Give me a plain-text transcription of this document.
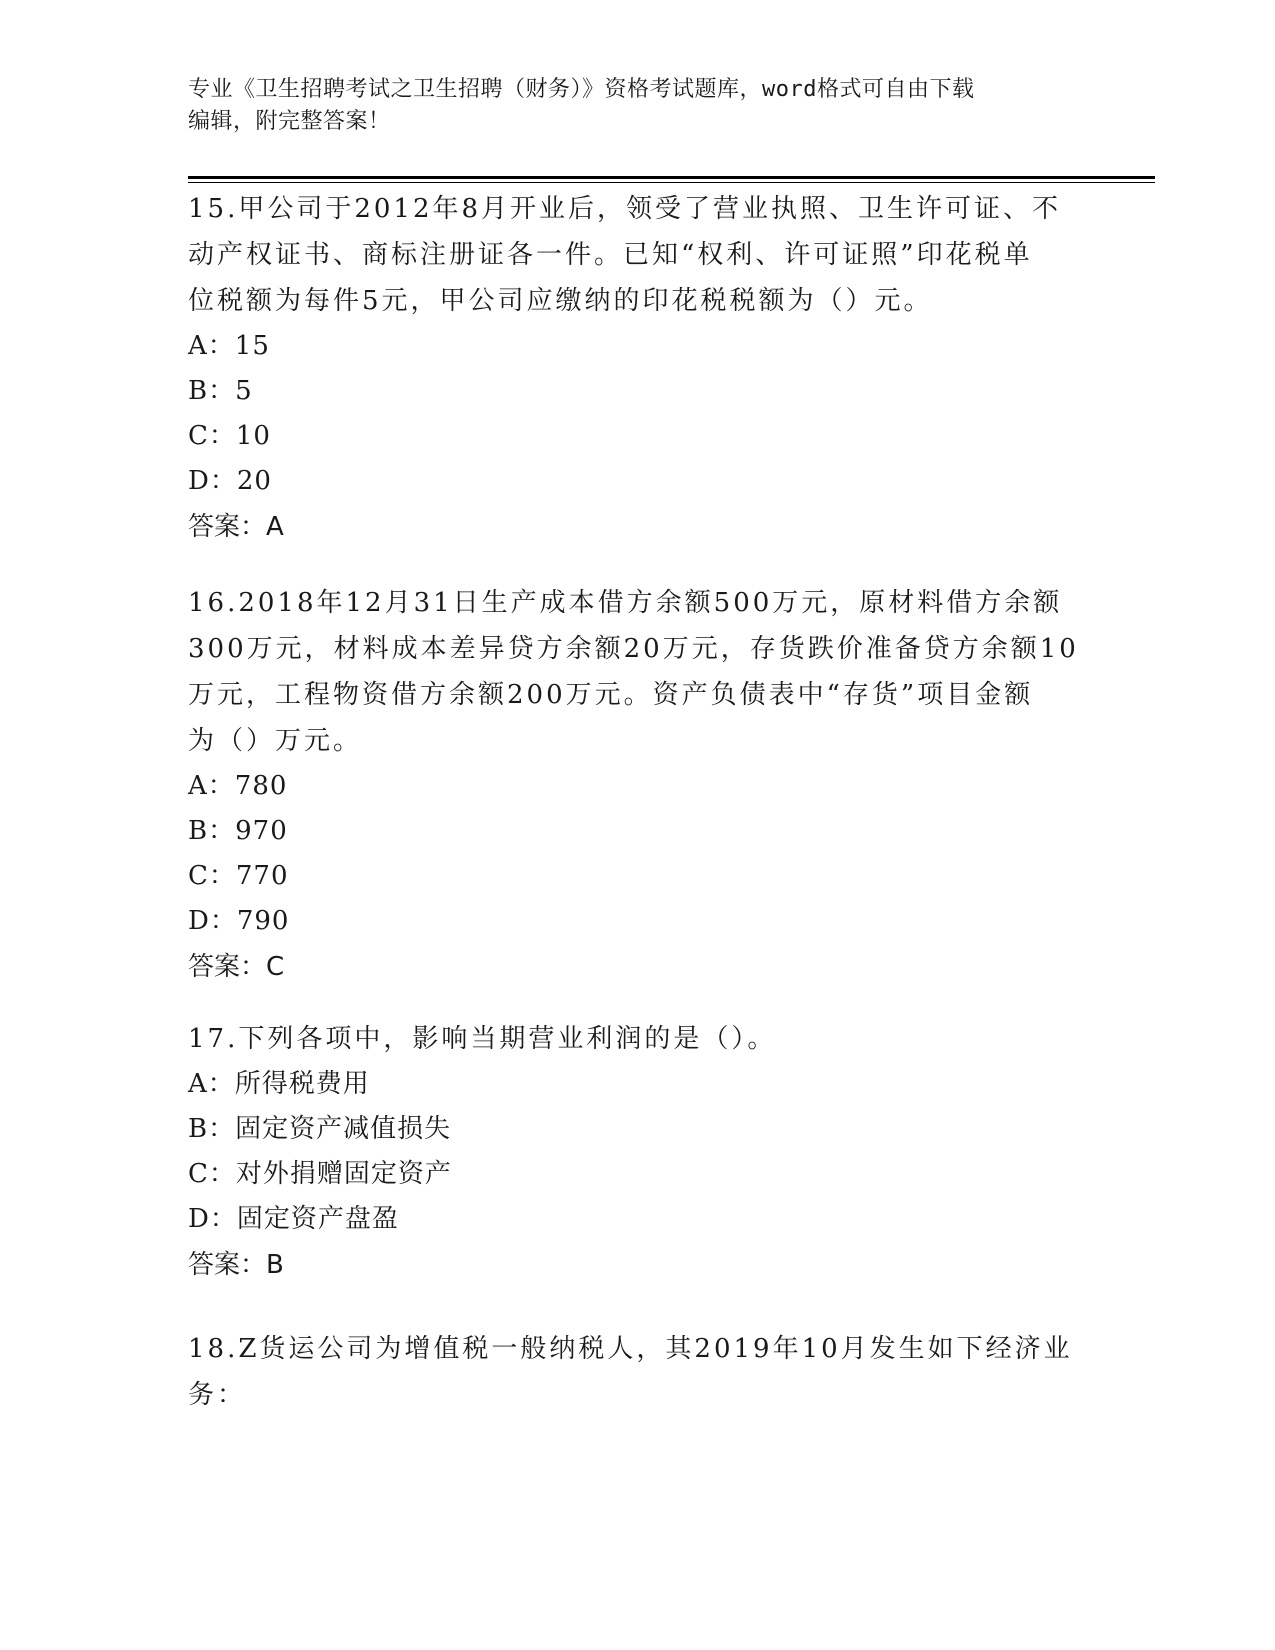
专业《卫生招聘考试之卫生招聘（财务）》资格考试题库，word格式可自由下载
编辑，附完整答案！

15.甲公司于2012年8月开业后，领受了营业执照、卫生许可证、不

动产权证书、商标注册证各一件。已知“权利、许可证照”印花税单

位税额为每件5元，甲公司应缴纳的印花税税额为（）元。

A：15

B：5

C：10

D：20

答案：A

16.2018年12月31日生产成本借方余额500万元，原材料借方余额

300万元，材料成本差异贷方余额20万元，存货跌价准备贷方余额10

万元，工程物资借方余额200万元。资产负债表中“存货”项目金额

为（）万元。

A：780

B：970

C：770

D：790

答案：C

17.下列各项中，影响当期营业利润的是（）。

A：所得税费用

B：固定资产减值损失

C：对外捐赠固定资产

D：固定资产盘盈

答案：B

18.Z货运公司为增值税一般纳税人，其2019年10月发生如下经济业

务：
